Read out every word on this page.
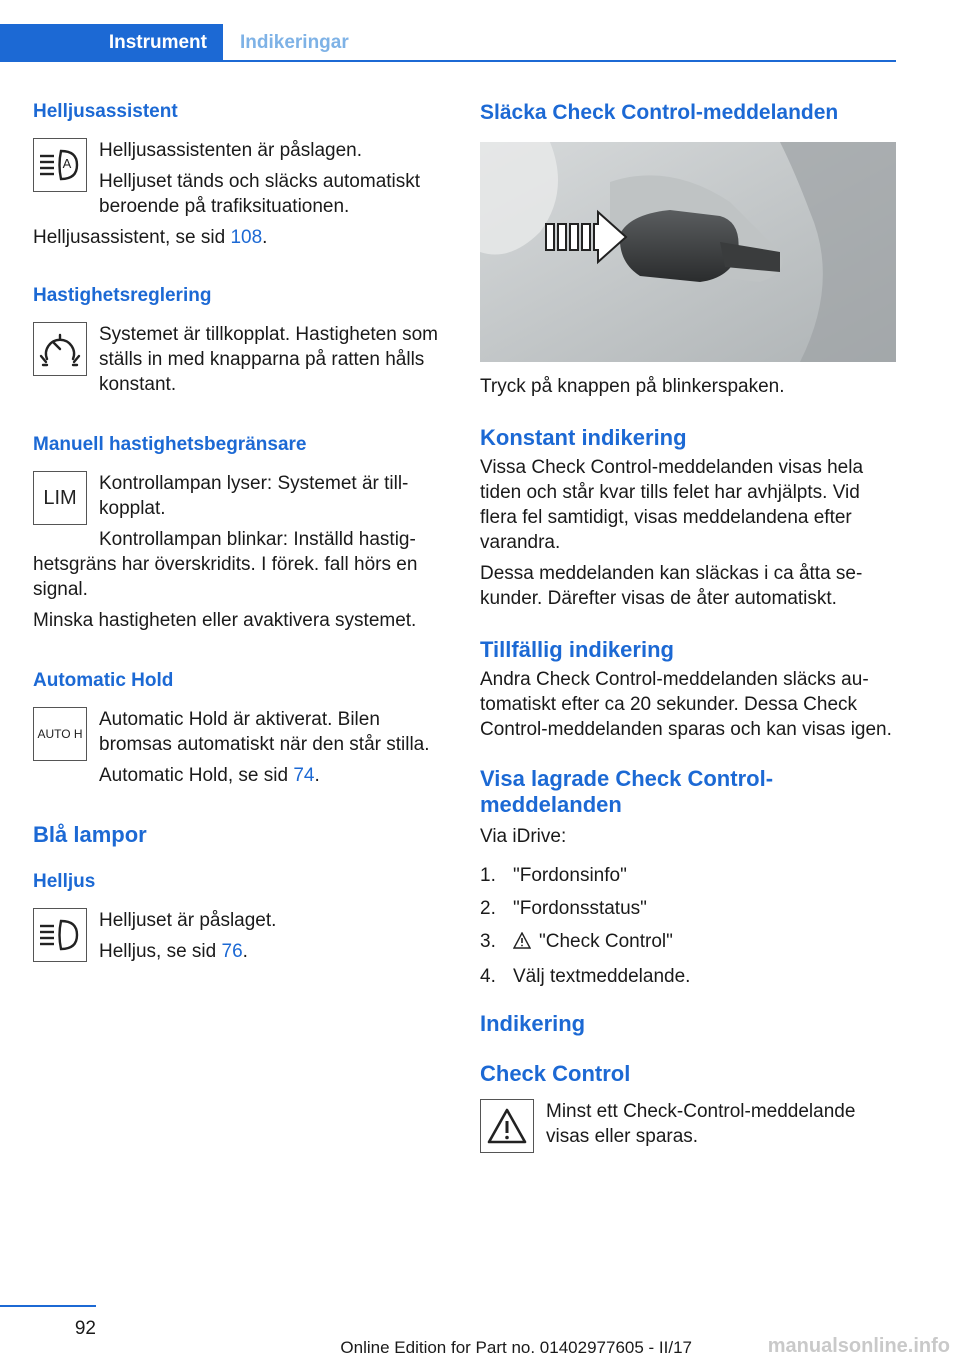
Instrument	Indikeringar

Helljusassistent

A

Helljusassistenten är påslagen.

Helljuset tänds och släcks automatiskt beroende på trafiksituationen.

Helljusassistent, se sid 108.

Hastighetsreglering

Systemet är tillkopplat. Hastigheten som ställs in med knapparna på ratten hålls konstant.

Manuell hastighetsbegränsare

LIM

Kontrollampan lyser: Systemet är till‐kopplat.

Kontrollampan blinkar: Inställd hastig‐hetsgräns har överskridits. I förek. fall hörs en signal.

Minska hastigheten eller avaktivera systemet.

Automatic Hold

AUTO H

Automatic Hold är aktiverat. Bilen bromsas automatiskt när den står stilla.

Automatic Hold, se sid 74.

Blå lampor

Helljus

Helljuset är påslaget.

Helljus, se sid 76.

Släcka Check Control-meddelanden

Tryck på knappen på blinkerspaken.

Konstant indikering

Vissa Check Control-meddelanden visas hela tiden och står kvar tills felet har avhjälpts. Vid flera fel samtidigt, visas meddelandena efter varandra.

Dessa meddelanden kan släckas i ca åtta se‐kunder. Därefter visas de åter automatiskt.

Tillfällig indikering

Andra Check Control-meddelanden släcks au‐tomatiskt efter ca 20 sekunder. Dessa Check Control-meddelanden sparas och kan visas igen.

Visa lagrade Check Control-meddelanden

Via iDrive:

1. "Fordonsinfo"
2. "Fordonsstatus"
3. "Check Control"
4. Välj textmeddelande.

Indikering

Check Control

Minst ett Check-Control-meddelande visas eller sparas.

92
Online Edition for Part no. 01402977605 - II/17	manualsonline.info
